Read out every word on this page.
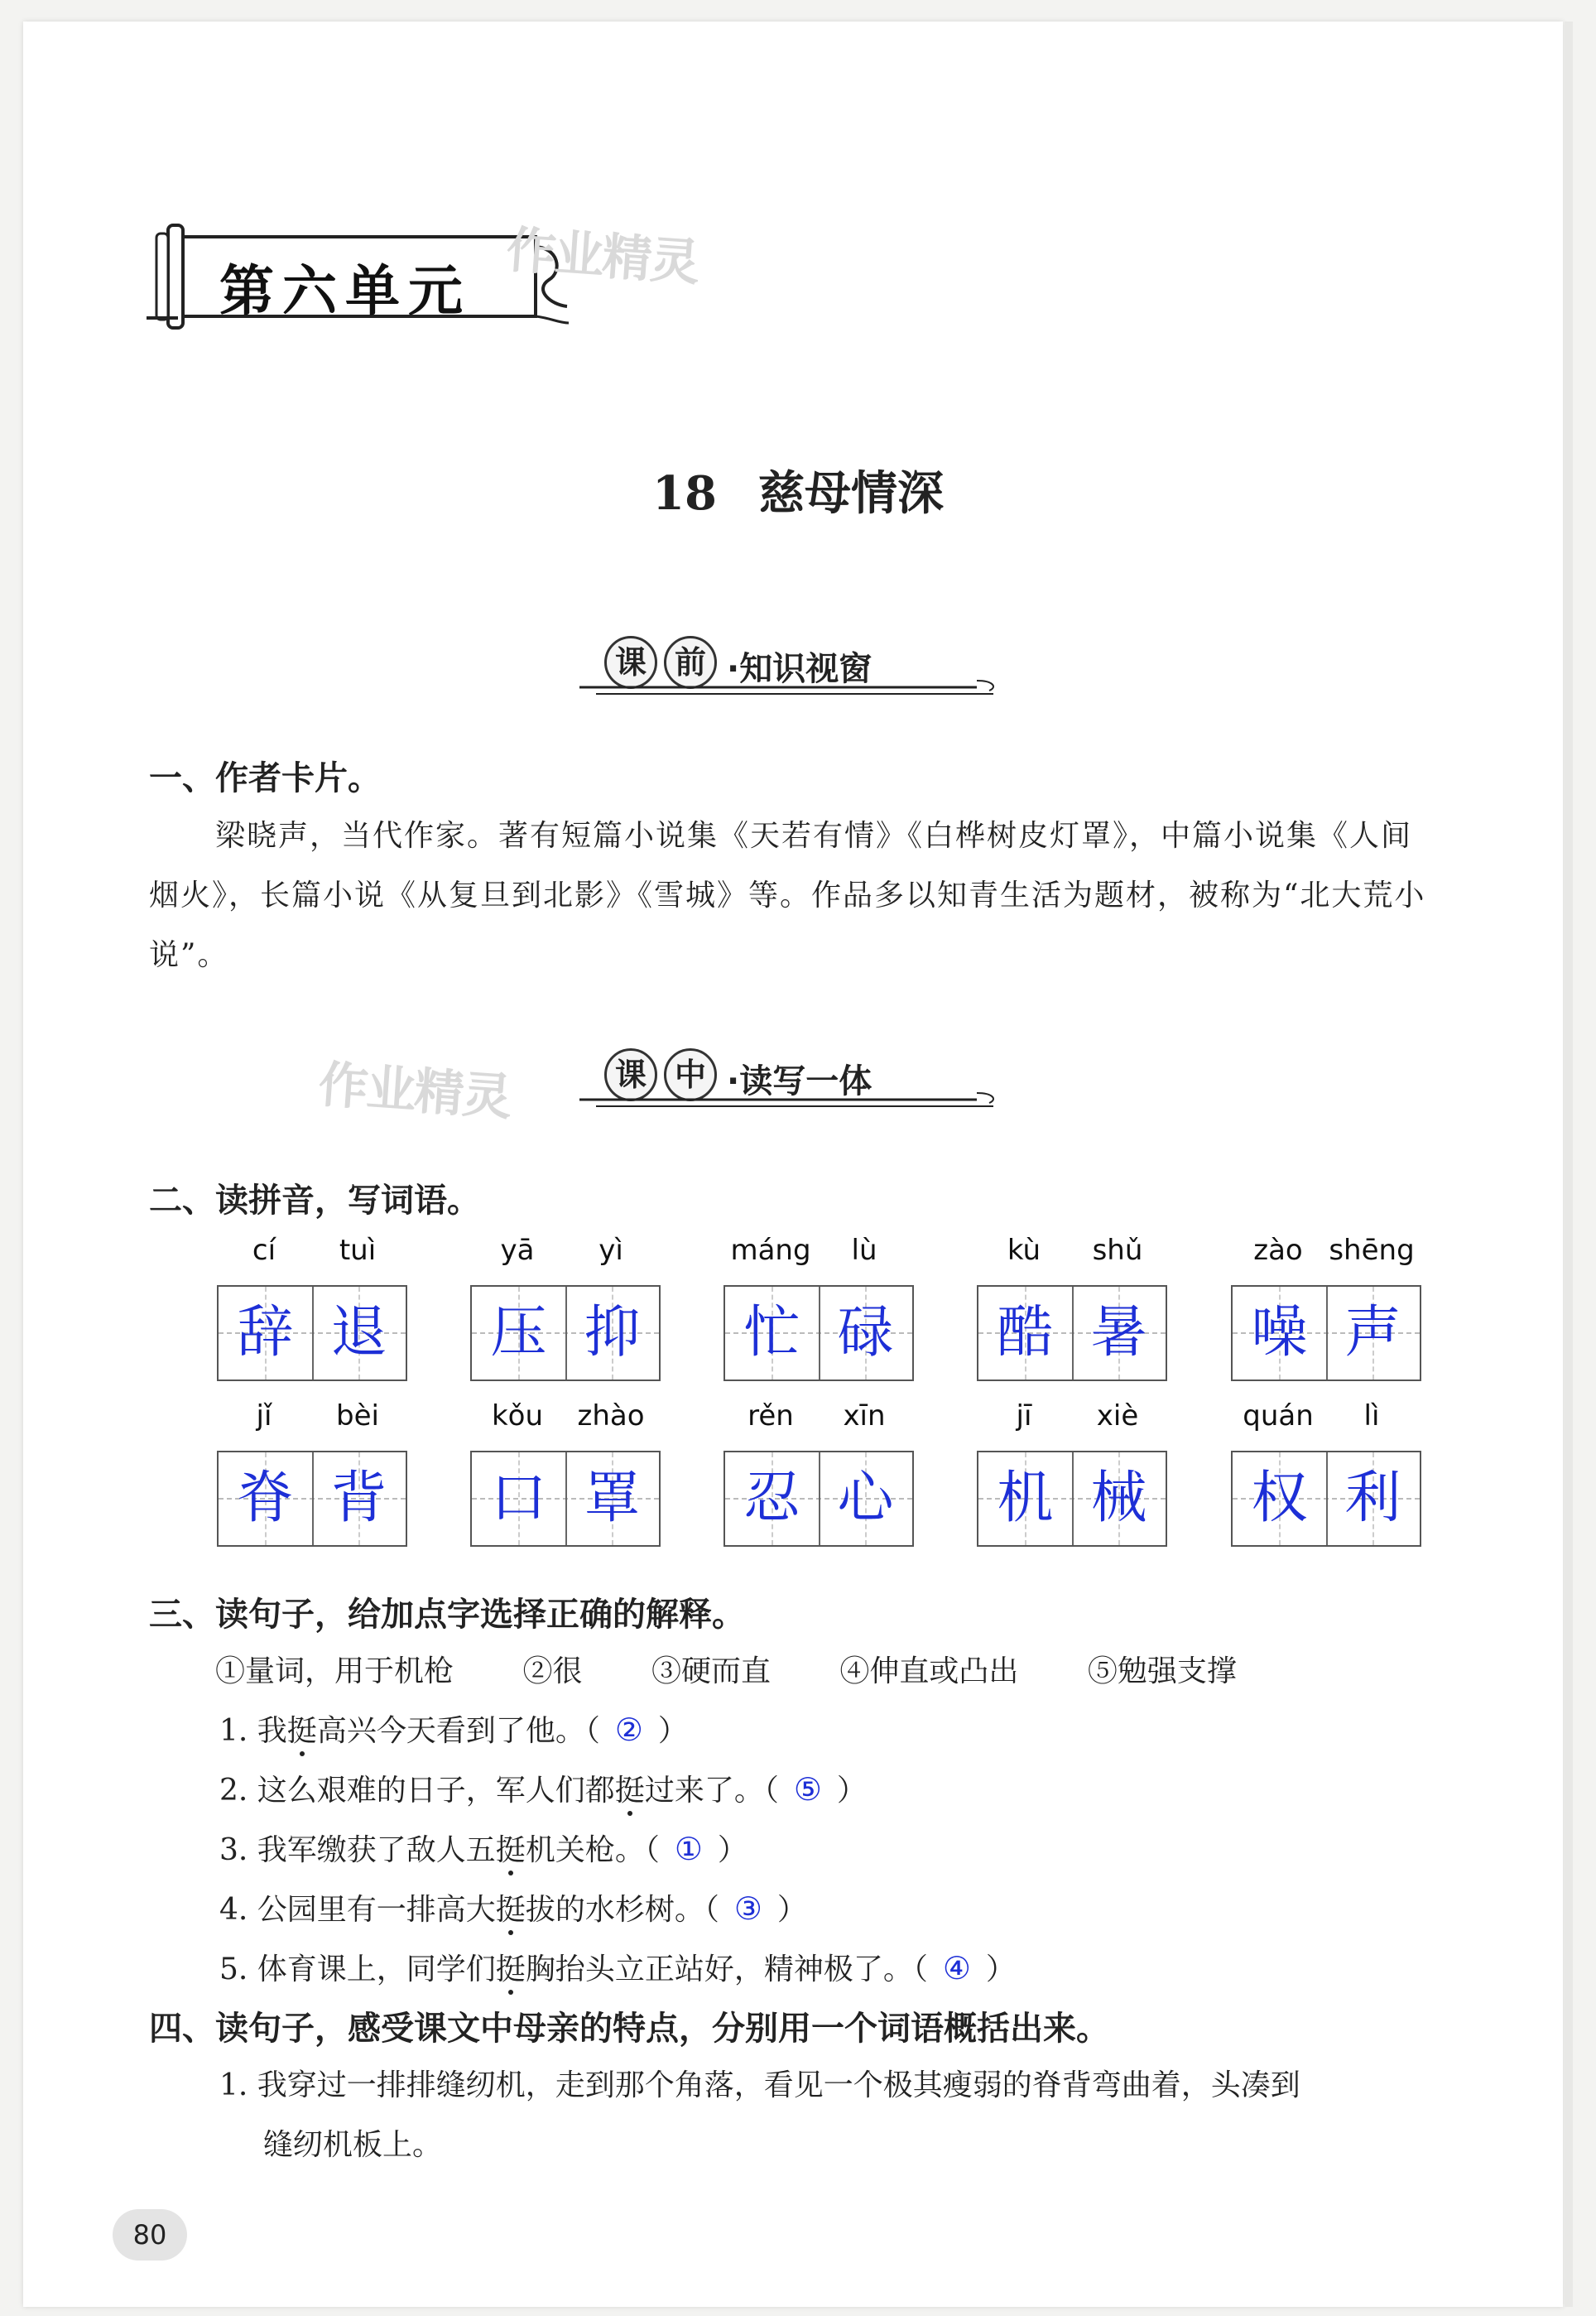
第六单元 作业精灵
18 慈母情深
课 前 ·知识视窗
一、作者卡片。
梁晓声，当代作家。著有短篇小说集《天若有情》《白桦树皮灯罩》，中篇小说集《人间烟火》，长篇小说《从复旦到北影》《雪城》等。作品多以知青生活为题材，被称为“北大荒小说”。
作业精灵	课 中 ·读写一体
二、读拼音，写词语。
cí	tuì
辞 退
yā	yì
压 抑
máng	lù
忙 碌
kù	shǔ
酷 暑
zào shēng
噪 声
jǐ	bèi
脊 背
kǒu	zhào
口 罩
rěn	xīn
忍 心
jī	xiè
机 械
quán	lì
权 利
三、读句子，给加点字选择正确的解释。
①量词，用于机枪 ②很 ③硬而直 ④伸直或凸出 ⑤勉强支撑
1. 我挺高兴今天看到了他。（ ② ）
2. 这么艰难的日子，军人们都挺过来了。（ ⑤ ）
3. 我军缴获了敌人五挺机关枪。（ ① ）
4. 公园里有一排高大挺拔的水杉树。（ ③ ）
5. 体育课上，同学们挺胸抬头立正站好，精神极了。（ ④ ）
四、读句子，感受课文中母亲的特点，分别用一个词语概括出来。
1. 我穿过一排排缝纫机，走到那个角落，看见一个极其瘦弱的脊背弯曲着，头凑到
缝纫机板上。
80
